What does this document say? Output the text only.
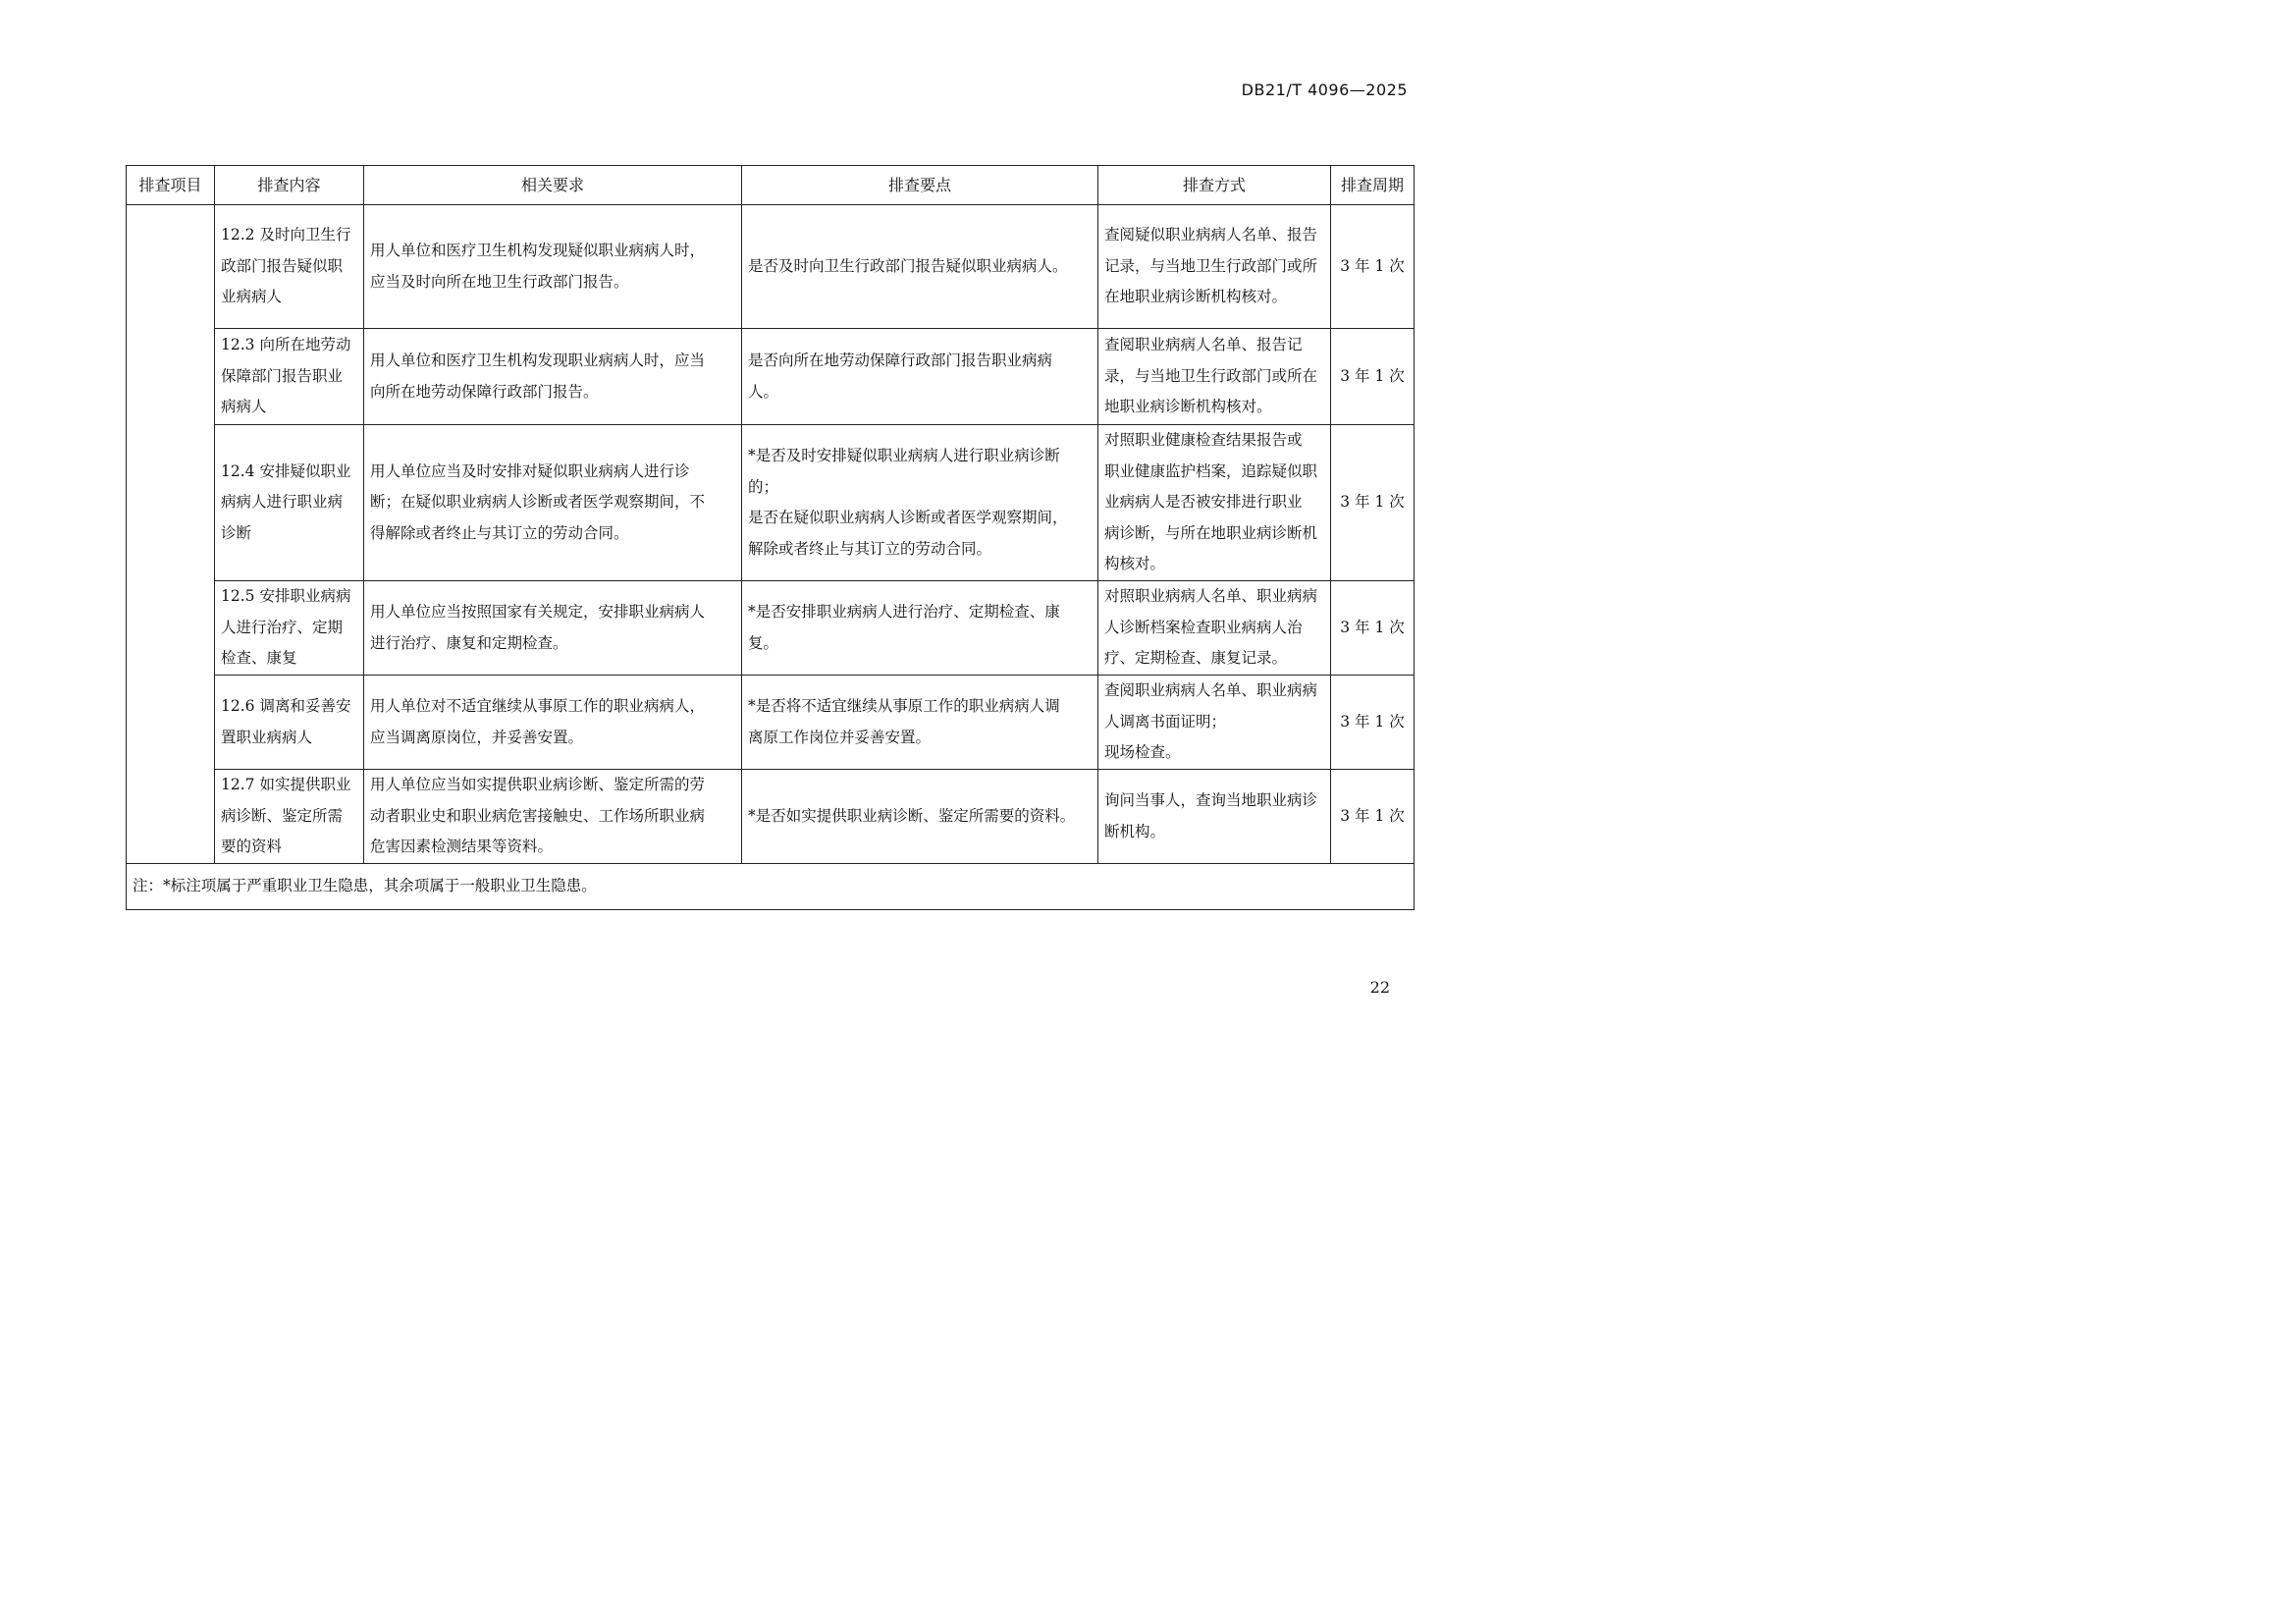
DB21/T 4096—2025
排查项目	排查内容	相关要求	排查要点	排查方式	排查周期

	12.2 及时向卫生行
政部门报告疑似职
业病病人	用人单位和医疗卫生机构发现疑似职业病病人时，
应当及时向所在地卫生行政部门报告。	是否及时向卫生行政部门报告疑似职业病病人。	查阅疑似职业病病人名单、报告
记录，与当地卫生行政部门或所
在地职业病诊断机构核对。	3 年 1 次

	12.3 向所在地劳动
保障部门报告职业
病病人	用人单位和医疗卫生机构发现职业病病人时，应当
向所在地劳动保障行政部门报告。	是否向所在地劳动保障行政部门报告职业病病
人。	查阅职业病病人名单、报告记
录，与当地卫生行政部门或所在
地职业病诊断机构核对。	3 年 1 次

	12.4 安排疑似职业
病病人进行职业病
诊断	用人单位应当及时安排对疑似职业病病人进行诊
断；在疑似职业病病人诊断或者医学观察期间，不
得解除或者终止与其订立的劳动合同。	*是否及时安排疑似职业病病人进行职业病诊断
的；
是否在疑似职业病病人诊断或者医学观察期间，
解除或者终止与其订立的劳动合同。	对照职业健康检查结果报告或
职业健康监护档案，追踪疑似职
业病病人是否被安排进行职业
病诊断，与所在地职业病诊断机
构核对。	3 年 1 次

	12.5 安排职业病病
人进行治疗、定期
检查、康复	用人单位应当按照国家有关规定，安排职业病病人
进行治疗、康复和定期检查。	*是否安排职业病病人进行治疗、定期检查、康
复。	对照职业病病人名单、职业病病
人诊断档案检查职业病病人治
疗、定期检查、康复记录。	3 年 1 次

	12.6 调离和妥善安
置职业病病人	用人单位对不适宜继续从事原工作的职业病病人，
应当调离原岗位，并妥善安置。	*是否将不适宜继续从事原工作的职业病病人调
离原工作岗位并妥善安置。	查阅职业病病人名单、职业病病
人调离书面证明；
现场检查。	3 年 1 次

	12.7 如实提供职业
病诊断、鉴定所需
要的资料	用人单位应当如实提供职业病诊断、鉴定所需的劳
动者职业史和职业病危害接触史、工作场所职业病
危害因素检测结果等资料。	*是否如实提供职业病诊断、鉴定所需要的资料。	询问当事人，查询当地职业病诊
断机构。	3 年 1 次
注：*标注项属于严重职业卫生隐患，其余项属于一般职业卫生隐患。					
22
